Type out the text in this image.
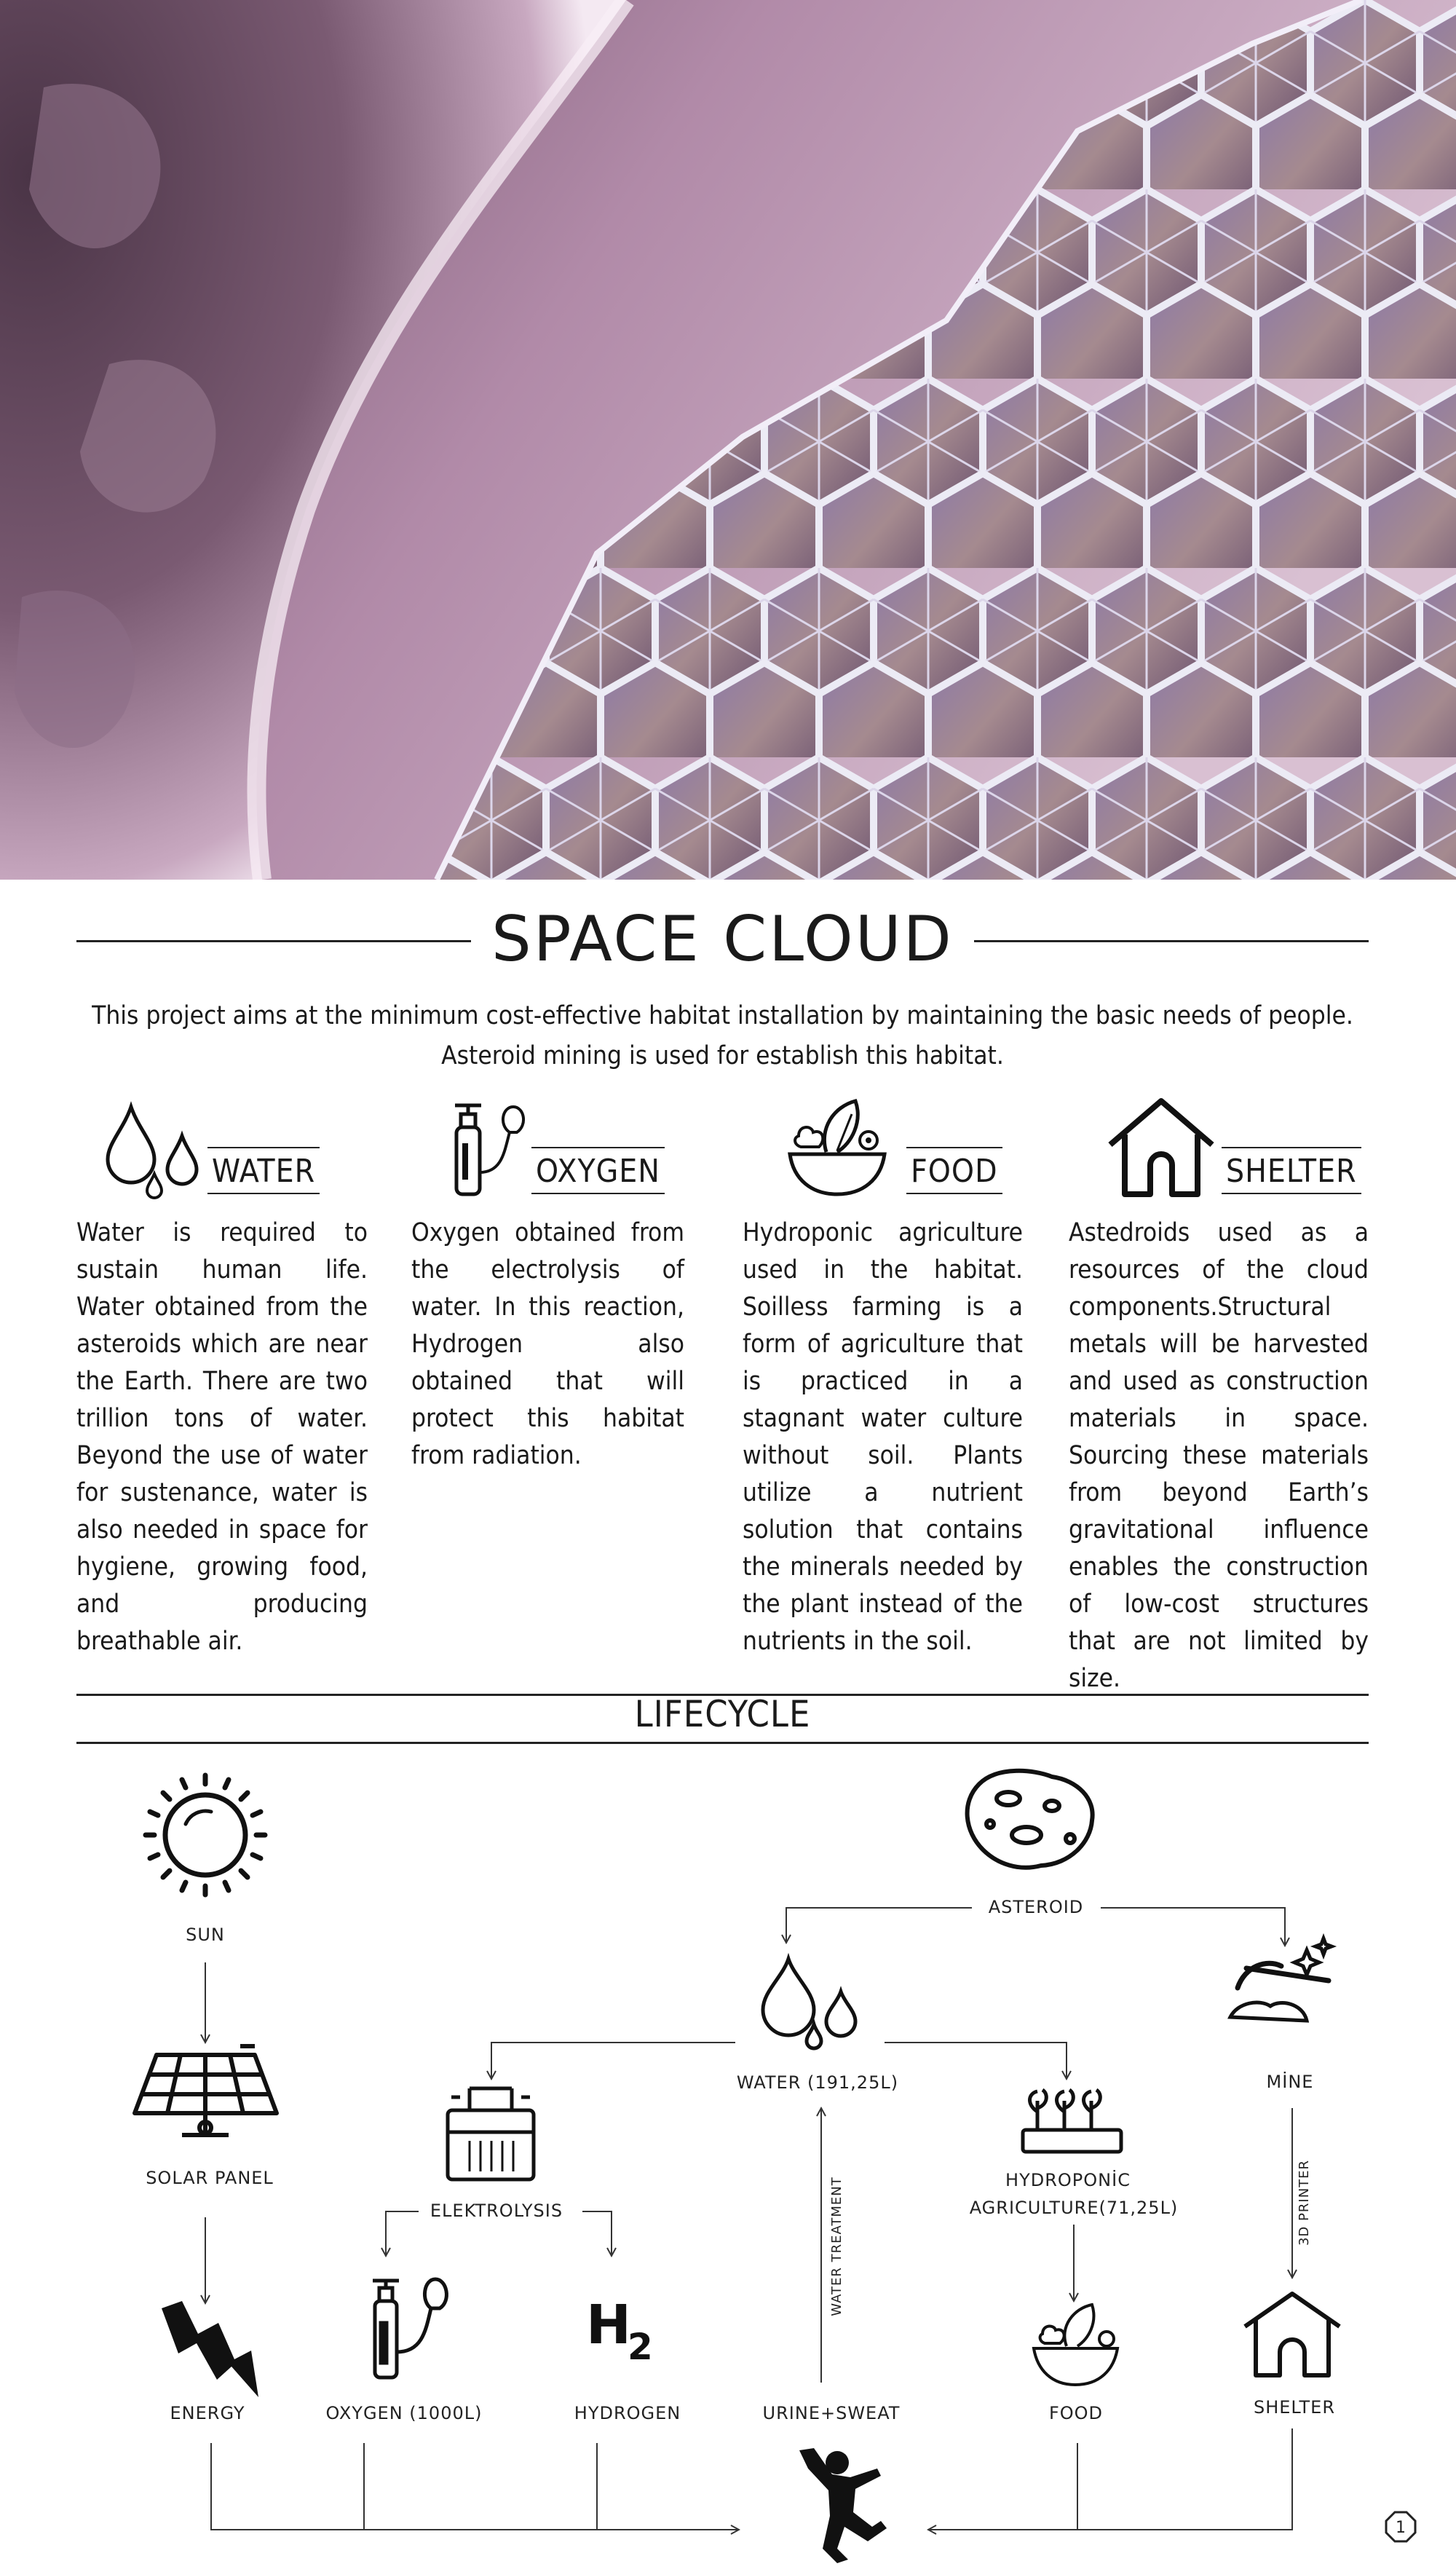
SPACE CLOUD
This project aims at the minimum cost-effective habitat installation by maintaining the basic needs of people.
Asteroid mining is used for establish this habitat.
WATER	OXYGEN	FOOD	SHELTER
Water is required to sustain human life. Water obtained from the asteroids which are near the Earth. There are two trillion tons of water. Beyond the use of water for sustenance, water is also needed in space for hygiene, growing food, and producing breathable air.
Oxygen obtained from the electrolysis of water. In this reaction, Hydrogen also obtained that will protect this habitat from radiation.
Hydroponic agriculture used in the habitat. Soilless farming is a form of agriculture that is practiced in a stagnant water culture without soil. Plants utilize a nutrient solution that contains the minerals needed by the plant instead of the nutrients in the soil.
Astedroids used as a resources of the cloud components.Structural metals will be harvested and used as construction materials in space. Sourcing these materials from beyond Earth’s gravitational influence enables the construction of low-cost structures that are not limited by size.
LIFECYCLE
SUN
SOLAR PANEL
ENERGY
ASTEROID
WATER (191,25L)	MİNE
3D PRINTER
ELEKTROLYSIS
HYDROPONİC
AGRICULTURE(71,25L)
OXYGEN (1000L)
H
2
HYDROGEN	URINE+SWEAT
WATER TREATMENT
FOOD	SHELTER
1
